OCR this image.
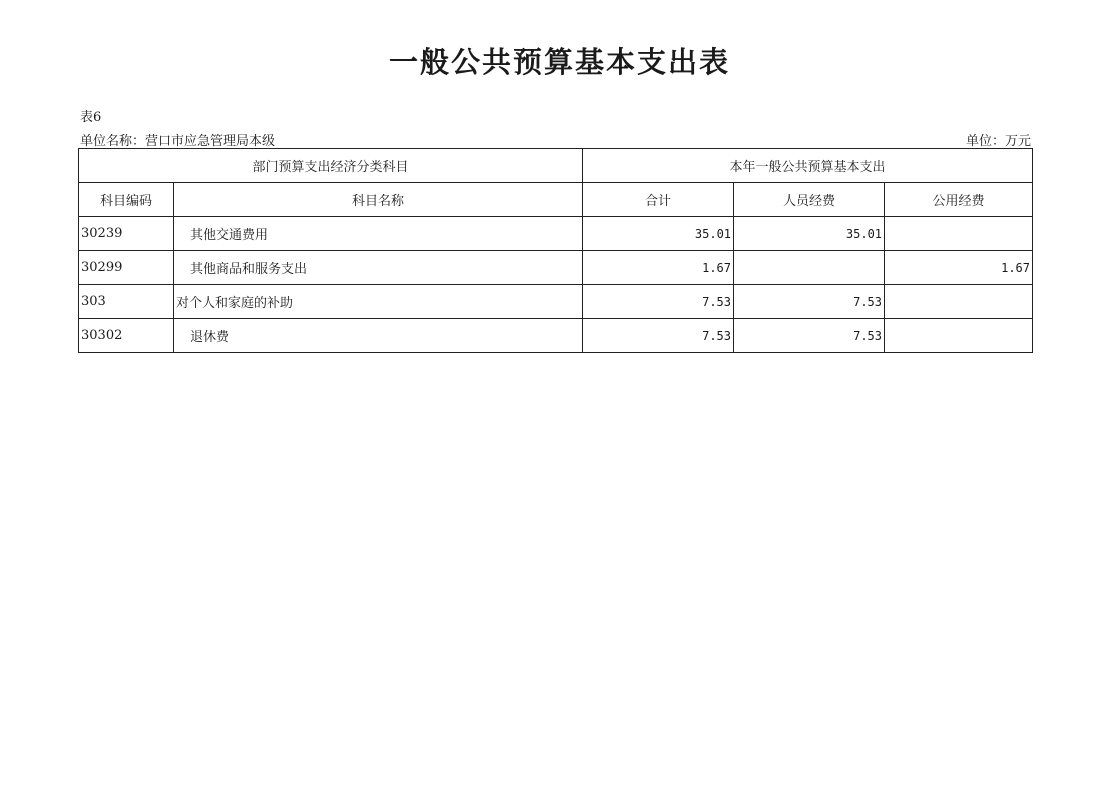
一般公共预算基本支出表
表6
单位名称：营口市应急管理局本级	单位：万元
部门预算支出经济分类科目		本年一般公共预算基本支出		
科目编码	科目名称	合计	人员经费	公用经费
30239	其他交通费用	35.01	35.01	
30299	其他商品和服务支出	1.67		1.67
303	对个人和家庭的补助	7.53	7.53	
30302	退休费	7.53	7.53	
